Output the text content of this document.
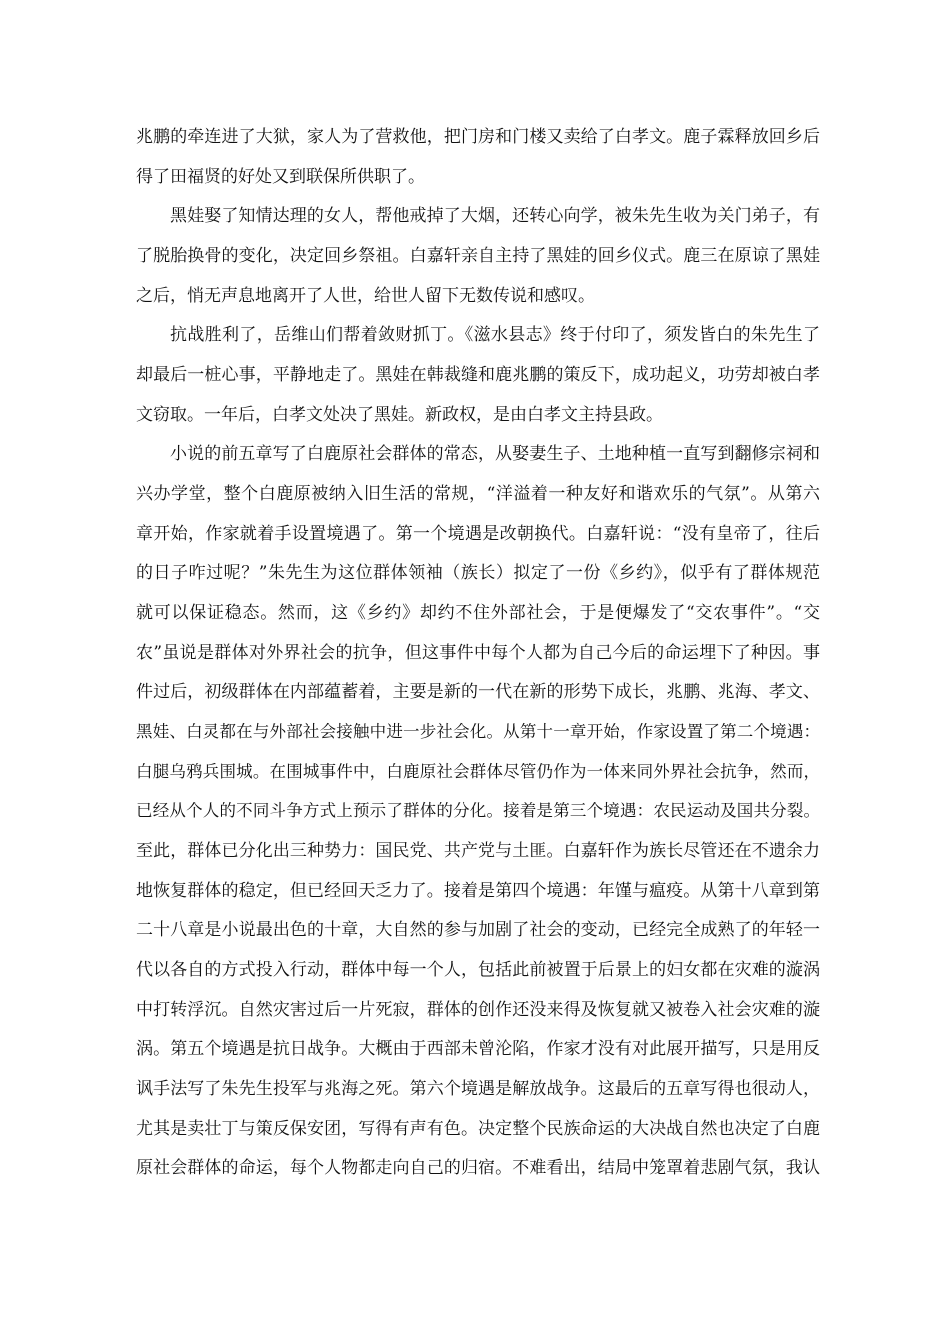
兆鹏的牵连进了大狱，家人为了营救他，把门房和门楼又卖给了白孝文。鹿子霖释放回乡后
得了田福贤的好处又到联保所供职了。
黑娃娶了知情达理的女人，帮他戒掉了大烟，还转心向学，被朱先生收为关门弟子，有
了脱胎换骨的变化，决定回乡祭祖。白嘉轩亲自主持了黑娃的回乡仪式。鹿三在原谅了黑娃
之后，悄无声息地离开了人世，给世人留下无数传说和感叹。
抗战胜利了，岳维山们帮着敛财抓丁。《滋水县志》终于付印了，须发皆白的朱先生了
却最后一桩心事，平静地走了。黑娃在韩裁缝和鹿兆鹏的策反下，成功起义，功劳却被白孝
文窃取。一年后，白孝文处决了黑娃。新政权，是由白孝文主持县政。
小说的前五章写了白鹿原社会群体的常态，从娶妻生子、土地种植一直写到翻修宗祠和
兴办学堂，整个白鹿原被纳入旧生活的常规，“洋溢着一种友好和谐欢乐的气氛”。从第六
章开始，作家就着手设置境遇了。第一个境遇是改朝换代。白嘉轩说：“没有皇帝了，往后
的日子咋过呢？”朱先生为这位群体领袖（族长）拟定了一份《乡约》，似乎有了群体规范
就可以保证稳态。然而，这《乡约》却约不住外部社会，于是便爆发了“交农事件”。“交
农”虽说是群体对外界社会的抗争，但这事件中每个人都为自己今后的命运埋下了种因。事
件过后，初级群体在内部蕴蓄着，主要是新的一代在新的形势下成长，兆鹏、兆海、孝文、
黑娃、白灵都在与外部社会接触中进一步社会化。从第十一章开始，作家设置了第二个境遇：
白腿乌鸦兵围城。在围城事件中，白鹿原社会群体尽管仍作为一体来同外界社会抗争，然而，
已经从个人的不同斗争方式上预示了群体的分化。接着是第三个境遇：农民运动及国共分裂。
至此，群体已分化出三种势力：国民党、共产党与土匪。白嘉轩作为族长尽管还在不遗余力
地恢复群体的稳定，但已经回天乏力了。接着是第四个境遇：年馑与瘟疫。从第十八章到第
二十八章是小说最出色的十章，大自然的参与加剧了社会的变动，已经完全成熟了的年轻一
代以各自的方式投入行动，群体中每一个人，包括此前被置于后景上的妇女都在灾难的漩涡
中打转浮沉。自然灾害过后一片死寂，群体的创作还没来得及恢复就又被卷入社会灾难的漩
涡。第五个境遇是抗日战争。大概由于西部未曾沦陷，作家才没有对此展开描写，只是用反
讽手法写了朱先生投军与兆海之死。第六个境遇是解放战争。这最后的五章写得也很动人，
尤其是卖壮丁与策反保安团，写得有声有色。决定整个民族命运的大决战自然也决定了白鹿
原社会群体的命运，每个人物都走向自己的归宿。不难看出，结局中笼罩着悲剧气氛，我认
